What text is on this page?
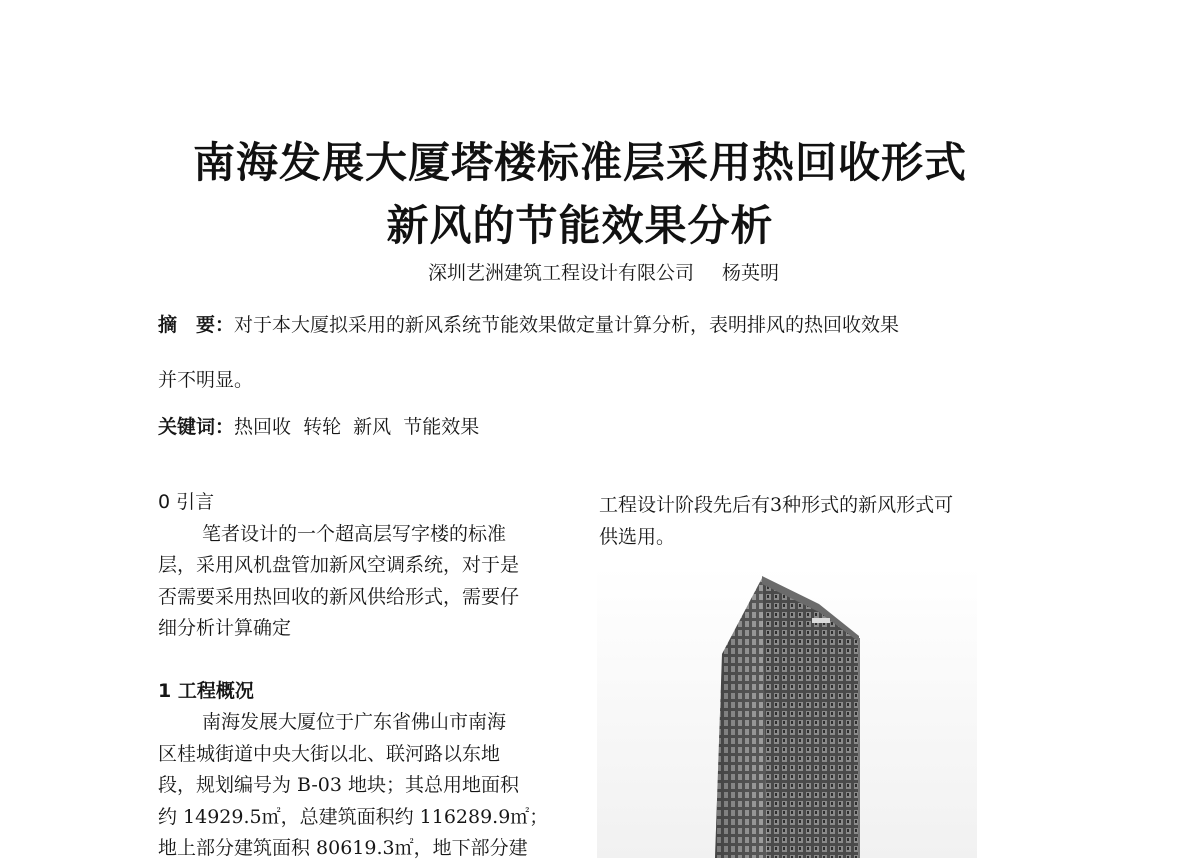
南海发展大厦塔楼标准层采用热回收形式
新风的节能效果分析
深圳艺洲建筑工程设计有限公司 杨英明
摘　要：对于本大厦拟采用的新风系统节能效果做定量计算分析，表明排风的热回收效果
并不明显。
关键词：热回收  转轮  新风  节能效果

0 引言

笔者设计的一个超高层写字楼的标准

层，采用风机盘管加新风空调系统，对于是

否需要采用热回收的新风供给形式，需要仔

细分析计算确定

1 工程概况

南海发展大厦位于广东省佛山市南海

区桂城街道中央大街以北、联河路以东地

段，规划编号为 B-03 地块；其总用地面积

约 14929.5㎡，总建筑面积约 116289.9㎡；

地上部分建筑面积 80619.3㎡，地下部分建

工程设计阶段先后有3种形式的新风形式可

供选用。
